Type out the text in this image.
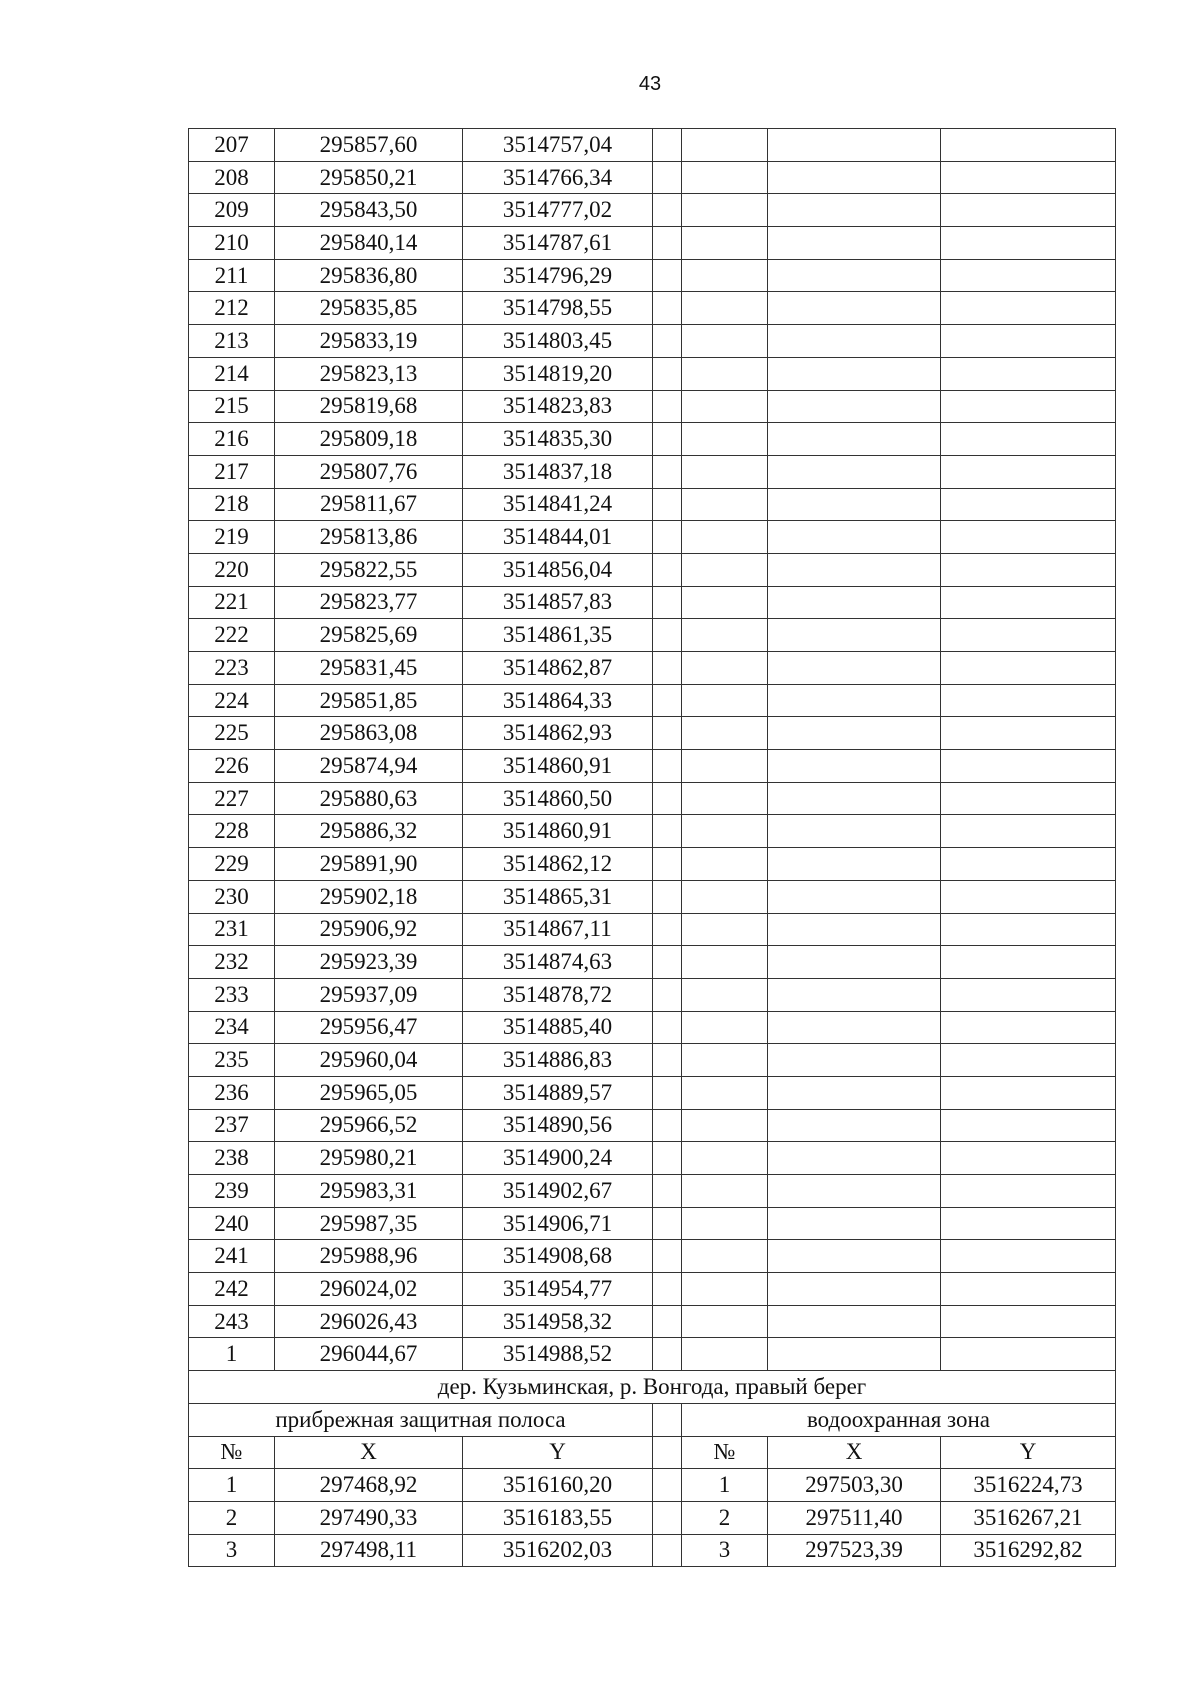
43
207	295857,60	3514757,04				
208	295850,21	3514766,34				
209	295843,50	3514777,02				
210	295840,14	3514787,61				
211	295836,80	3514796,29				
212	295835,85	3514798,55				
213	295833,19	3514803,45				
214	295823,13	3514819,20				
215	295819,68	3514823,83				
216	295809,18	3514835,30				
217	295807,76	3514837,18				
218	295811,67	3514841,24				
219	295813,86	3514844,01				
220	295822,55	3514856,04				
221	295823,77	3514857,83				
222	295825,69	3514861,35				
223	295831,45	3514862,87				
224	295851,85	3514864,33				
225	295863,08	3514862,93				
226	295874,94	3514860,91				
227	295880,63	3514860,50				
228	295886,32	3514860,91				
229	295891,90	3514862,12				
230	295902,18	3514865,31				
231	295906,92	3514867,11				
232	295923,39	3514874,63				
233	295937,09	3514878,72				
234	295956,47	3514885,40				
235	295960,04	3514886,83				
236	295965,05	3514889,57				
237	295966,52	3514890,56				
238	295980,21	3514900,24				
239	295983,31	3514902,67				
240	295987,35	3514906,71				
241	295988,96	3514908,68				
242	296024,02	3514954,77				
243	296026,43	3514958,32				
1	296044,67	3514988,52				
дер. Кузьминская, р. Вонгода, правый берег						
прибрежная защитная полоса				водоохранная зона		
№	X	Y		№	X	Y
1	297468,92	3516160,20		1	297503,30	3516224,73
2	297490,33	3516183,55		2	297511,40	3516267,21
3	297498,11	3516202,03		3	297523,39	3516292,82
